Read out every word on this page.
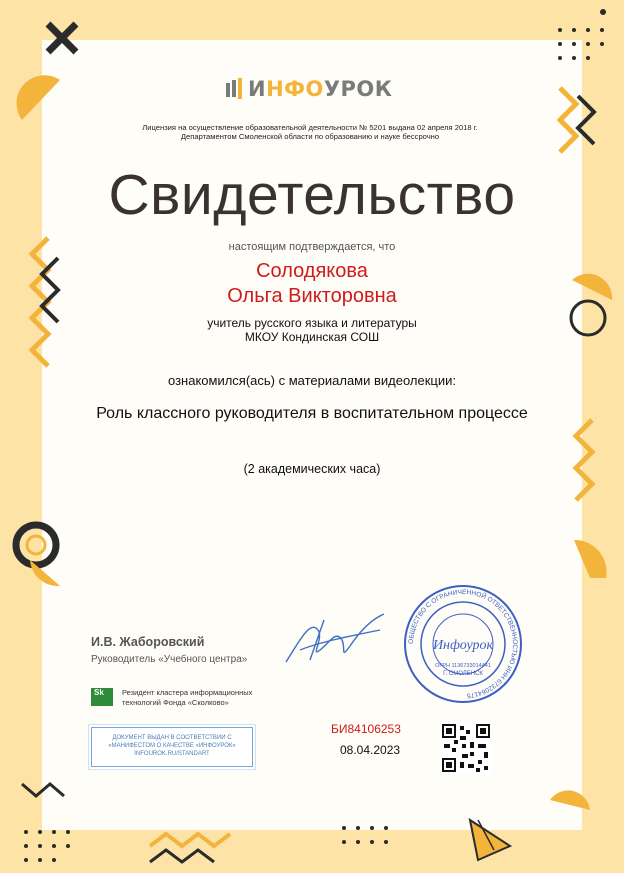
ИНФОУРОК
Лицензия на осуществление образовательной деятельности № 5201 выдана 02 апреля 2018 г.
Департаментом Смоленской области по образованию и науке бессрочно
Свидетельство
настоящим подтверждается, что
Солодякова
Ольга Викторовна
учитель русского языка и литературы
МКОУ Кондинская СОШ
ознакомился(ась) с материалами видеолекции:
Роль классного руководителя в воспитательном процессе
(2 академических часа)
И.В. Жаборовский
Руководитель «Учебного центра»
ОБЩЕСТВО С ОГРАНИЧЕННОЙ ОТВЕТСТВЕННОСТЬЮ ИНН 6732064175
Инфоурок
Г. СМОЛЕНСК
ОГРН 1136733014441
Sk	Резидент кластера информационных
технологий Фонда «Сколково»
ДОКУМЕНТ ВЫДАН В СООТВЕТСТВИИ С
«МАНИФЕСТОМ О КАЧЕСТВЕ «ИНФОУРОК»
INFOUROK.RU/STANDART
БИ84106253
08.04.2023
